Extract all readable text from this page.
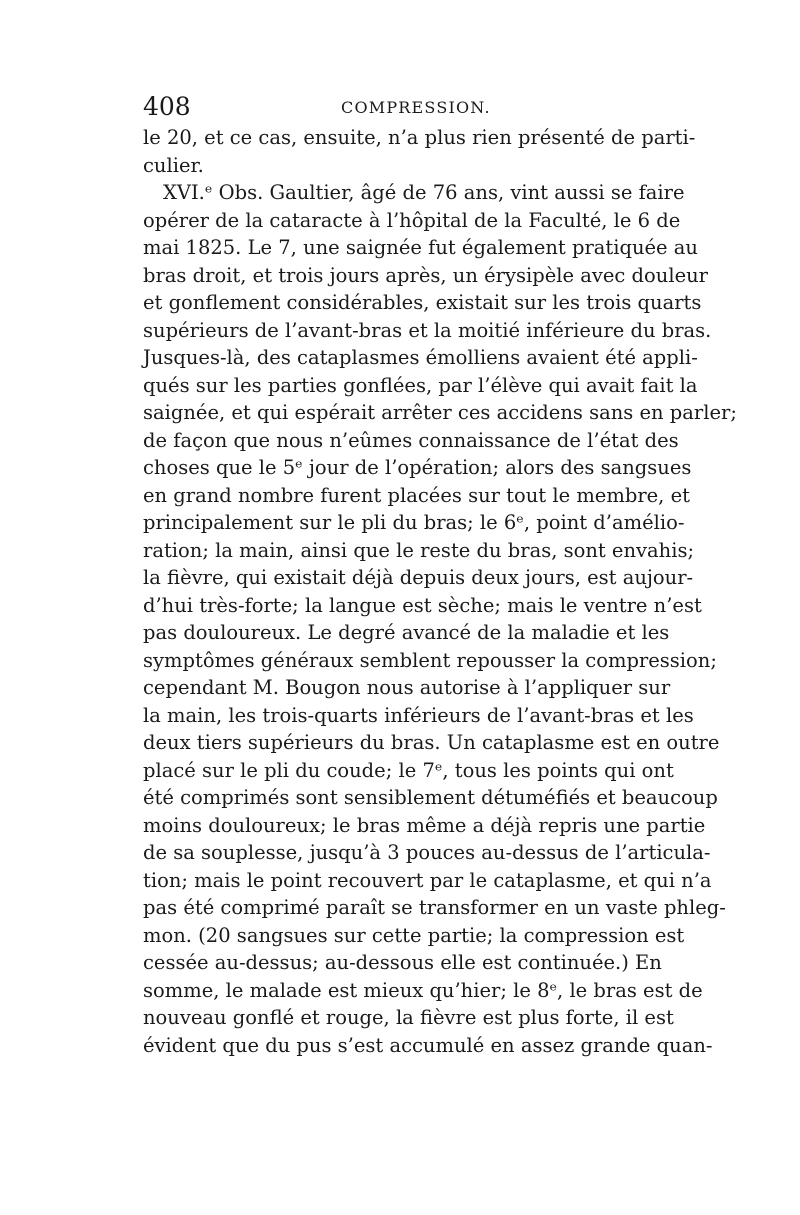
408	COMPRESSION.
le 20, et ce cas, ensuite, n’a plus rien présenté de parti-
culier.
XVI.ᵉ Obs. Gaultier, âgé de 76 ans, vint aussi se faire
opérer de la cataracte à l’hôpital de la Faculté, le 6 de
mai 1825. Le 7, une saignée fut également pratiquée au
bras droit, et trois jours après, un érysipèle avec douleur
et gonflement considérables, existait sur les trois quarts
supérieurs de l’avant-bras et la moitié inférieure du bras.
Jusques-là, des cataplasmes émolliens avaient été appli-
qués sur les parties gonflées, par l’élève qui avait fait la
saignée, et qui espérait arrêter ces accidens sans en parler;
de façon que nous n’eûmes connaissance de l’état des
choses que le 5ᵉ jour de l’opération; alors des sangsues
en grand nombre furent placées sur tout le membre, et
principalement sur le pli du bras; le 6ᵉ, point d’amélio-
ration; la main, ainsi que le reste du bras, sont envahis;
la fièvre, qui existait déjà depuis deux jours, est aujour-
d’hui très-forte; la langue est sèche; mais le ventre n’est
pas douloureux. Le degré avancé de la maladie et les
symptômes généraux semblent repousser la compression;
cependant M. Bougon nous autorise à l’appliquer sur
la main, les trois-quarts inférieurs de l’avant-bras et les
deux tiers supérieurs du bras. Un cataplasme est en outre
placé sur le pli du coude; le 7ᵉ, tous les points qui ont
été comprimés sont sensiblement détuméfiés et beaucoup
moins douloureux; le bras même a déjà repris une partie
de sa souplesse, jusqu’à 3 pouces au-dessus de l’articula-
tion; mais le point recouvert par le cataplasme, et qui n’a
pas été comprimé paraît se transformer en un vaste phleg-
mon. (20 sangsues sur cette partie; la compression est
cessée au-dessus; au-dessous elle est continuée.) En
somme, le malade est mieux qu’hier; le 8ᵉ, le bras est de
nouveau gonflé et rouge, la fièvre est plus forte, il est
évident que du pus s’est accumulé en assez grande quan-
